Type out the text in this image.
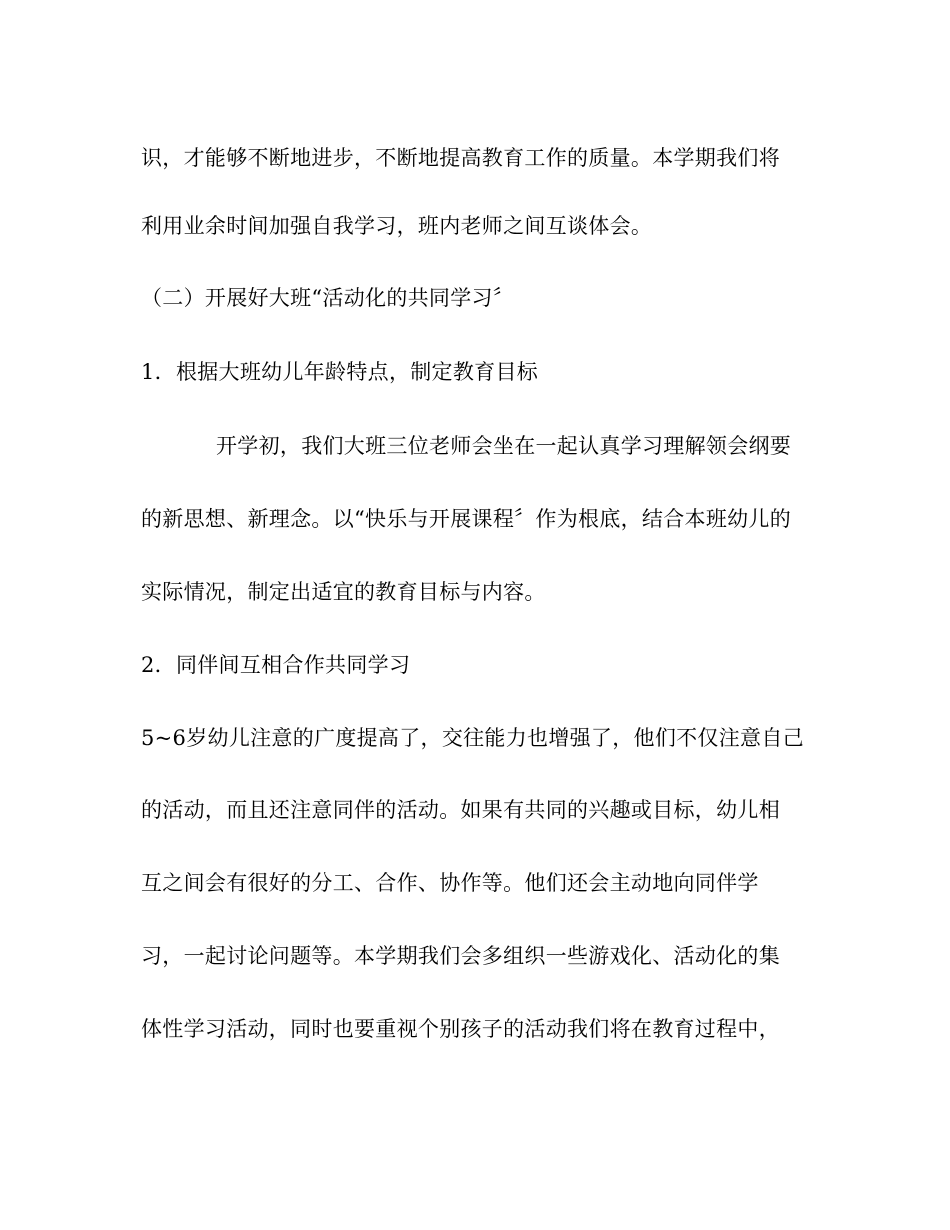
识，才能够不断地进步，不断地提高教育工作的质量。本学期我们将
利用业余时间加强自我学习，班内老师之间互谈体会。
（二）开展好大班“活动化的共同学习〞
1．根据大班幼儿年龄特点，制定教育目标
开学初，我们大班三位老师会坐在一起认真学习理解领会纲要
的新思想、新理念。以“快乐与开展课程〞作为根底，结合本班幼儿的
实际情况，制定出适宜的教育目标与内容。
2．同伴间互相合作共同学习
5~6岁幼儿注意的广度提高了，交往能力也增强了，他们不仅注意自己
的活动，而且还注意同伴的活动。如果有共同的兴趣或目标，幼儿相
互之间会有很好的分工、合作、协作等。他们还会主动地向同伴学
习，一起讨论问题等。本学期我们会多组织一些游戏化、活动化的集
体性学习活动，同时也要重视个别孩子的活动我们将在教育过程中，
